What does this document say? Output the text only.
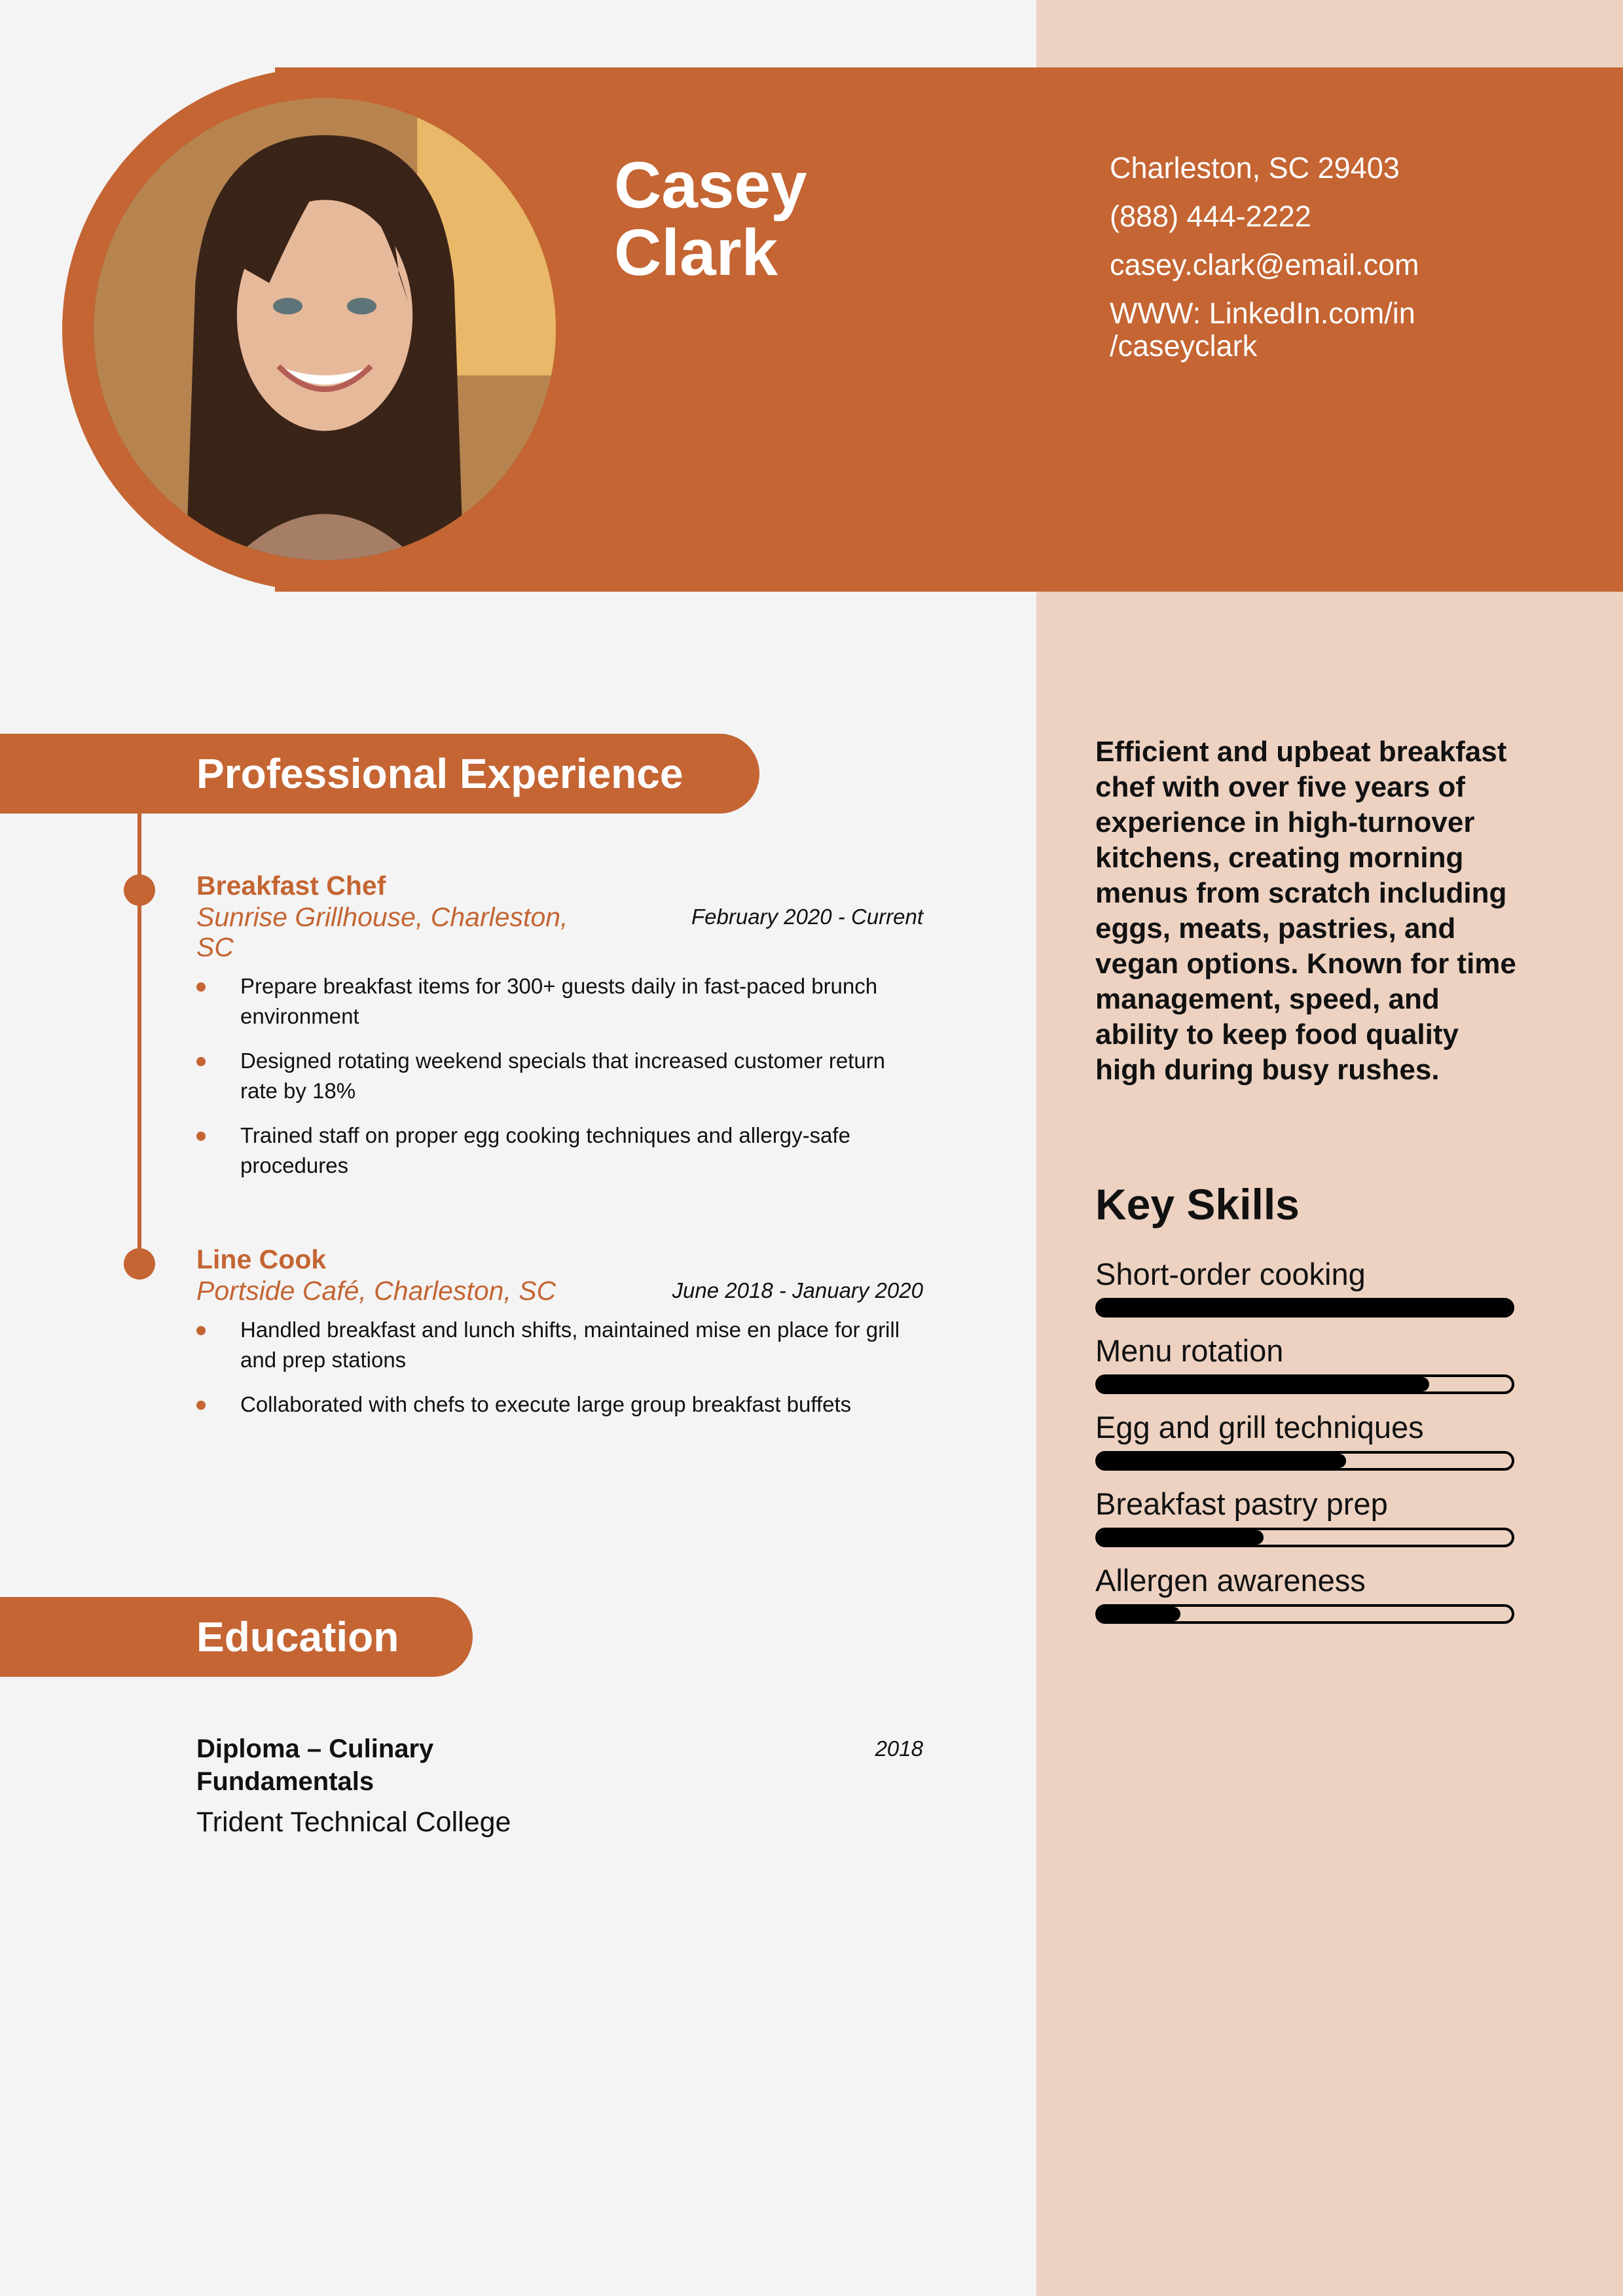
Casey
Clark
Charleston, SC 29403
(888) 444-2222
casey.clark@email.com
WWW: LinkedIn.com/in
/caseyclark
Professional Experience
Breakfast Chef
Sunrise Grillhouse, Charleston, SC
February 2020 - Current
Prepare breakfast items for 300+ guests daily in fast-paced brunch environment
Designed rotating weekend specials that increased customer return rate by 18%
Trained staff on proper egg cooking techniques and allergy-safe procedures
Line Cook
Portside Café, Charleston, SC	June 2018 - January 2020
Handled breakfast and lunch shifts, maintained mise en place for grill and prep stations
Collaborated with chefs to execute large group breakfast buffets
Education
Diploma – Culinary Fundamentals
2018
Trident Technical College
Efficient and upbeat breakfast chef with over five years of experience in high-turnover kitchens, creating morning menus from scratch including eggs, meats, pastries, and vegan options. Known for time management, speed, and ability to keep food quality high during busy rushes.
Key Skills
Short-order cooking
Menu rotation
Egg and grill techniques
Breakfast pastry prep
Allergen awareness
